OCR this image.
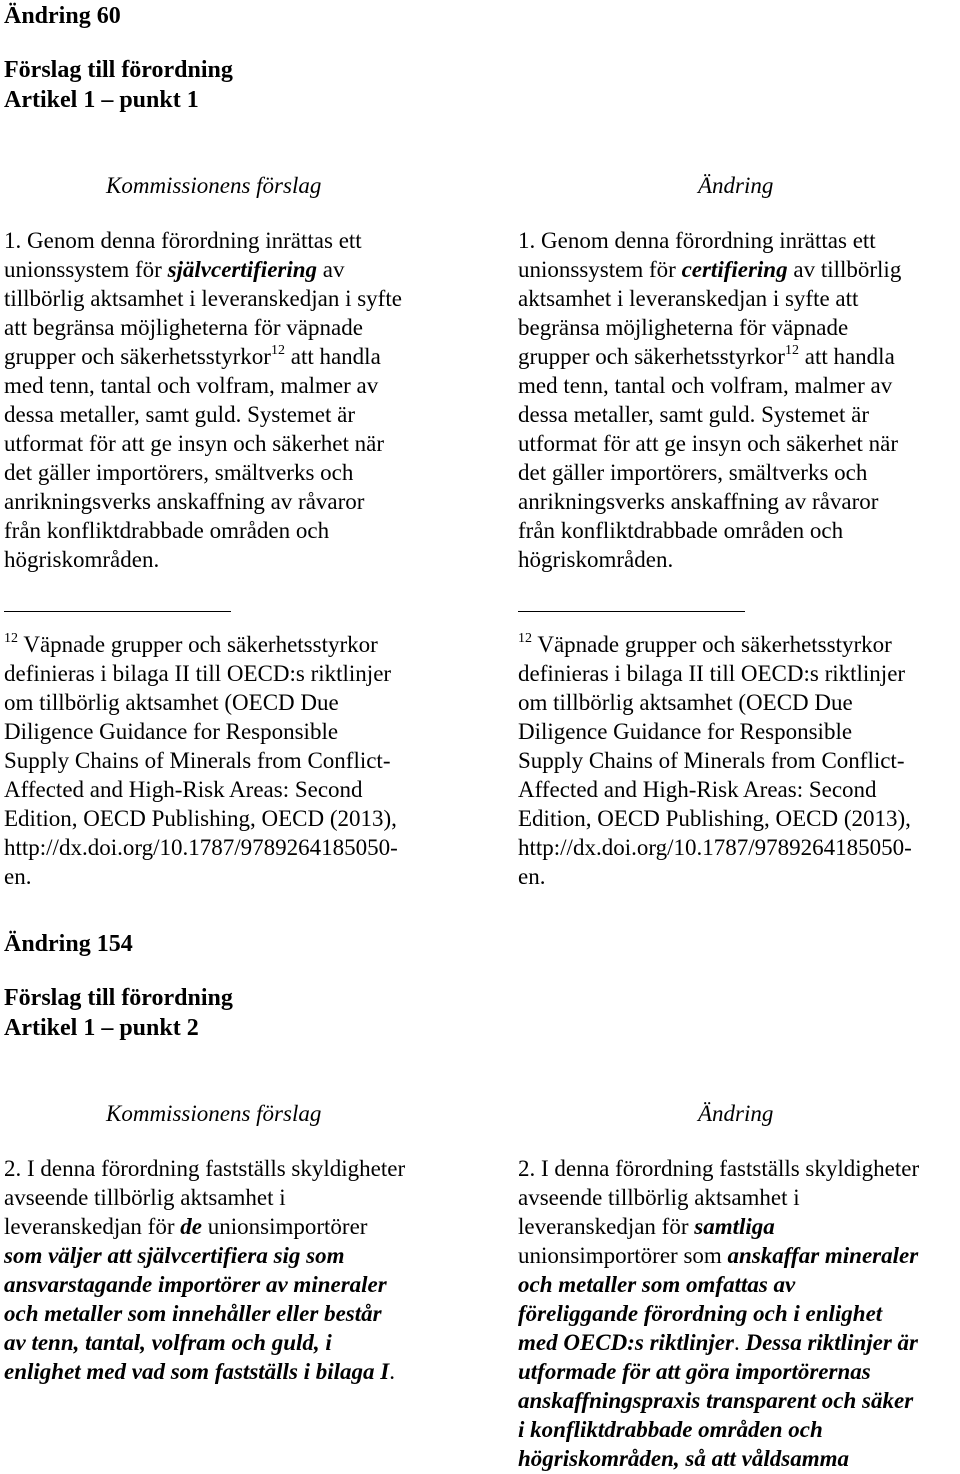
Ändring 60
Förslag till förordning
Artikel 1 – punkt 1
Kommissionens förslag	Ändring
1. Genom denna förordning inrättas ett
unionssystem för självcertifiering av
tillbörlig aktsamhet i leveranskedjan i syfte
att begränsa möjligheterna för väpnade
grupper och säkerhetsstyrkor$^{12}$ att handla
med tenn, tantal och volfram, malmer av
dessa metaller, samt guld. Systemet är
utformat för att ge insyn och säkerhet när
det gäller importörers, smältverks och
anrikningsverks anskaffning av råvaror
från konfliktdrabbade områden och
högriskområden.
1. Genom denna förordning inrättas ett
unionssystem för certifiering av tillbörlig
aktsamhet i leveranskedjan i syfte att
begränsa möjligheterna för väpnade
grupper och säkerhetsstyrkor$^{12}$ att handla
med tenn, tantal och volfram, malmer av
dessa metaller, samt guld. Systemet är
utformat för att ge insyn och säkerhet när
det gäller importörers, smältverks och
anrikningsverks anskaffning av råvaror
från konfliktdrabbade områden och
högriskområden.
$^{12}$ Väpnade grupper och säkerhetsstyrkor
definieras i bilaga II till OECD:s riktlinjer
om tillbörlig aktsamhet (OECD Due
Diligence Guidance for Responsible
Supply Chains of Minerals from Conflict-
Affected and High-Risk Areas: Second
Edition, OECD Publishing, OECD (2013),
http://dx.doi.org/10.1787/9789264185050-
en.
$^{12}$ Väpnade grupper och säkerhetsstyrkor
definieras i bilaga II till OECD:s riktlinjer
om tillbörlig aktsamhet (OECD Due
Diligence Guidance for Responsible
Supply Chains of Minerals from Conflict-
Affected and High-Risk Areas: Second
Edition, OECD Publishing, OECD (2013),
http://dx.doi.org/10.1787/9789264185050-
en.
Ändring 154
Förslag till förordning
Artikel 1 – punkt 2
Kommissionens förslag	Ändring
2. I denna förordning fastställs skyldigheter
avseende tillbörlig aktsamhet i
leveranskedjan för de unionsimportörer
som väljer att självcertifiera sig som
ansvarstagande importörer av mineraler
och metaller som innehåller eller består
av tenn, tantal, volfram och guld, i
enlighet med vad som fastställs i bilaga I.
2. I denna förordning fastställs skyldigheter
avseende tillbörlig aktsamhet i
leveranskedjan för samtliga
unionsimportörer som anskaffar mineraler
och metaller som omfattas av
föreliggande förordning och i enlighet
med OECD:s riktlinjer. Dessa riktlinjer är
utformade för att göra importörernas
anskaffningspraxis transparent och säker
i konfliktdrabbade områden och
högriskområden, så att våldsamma
